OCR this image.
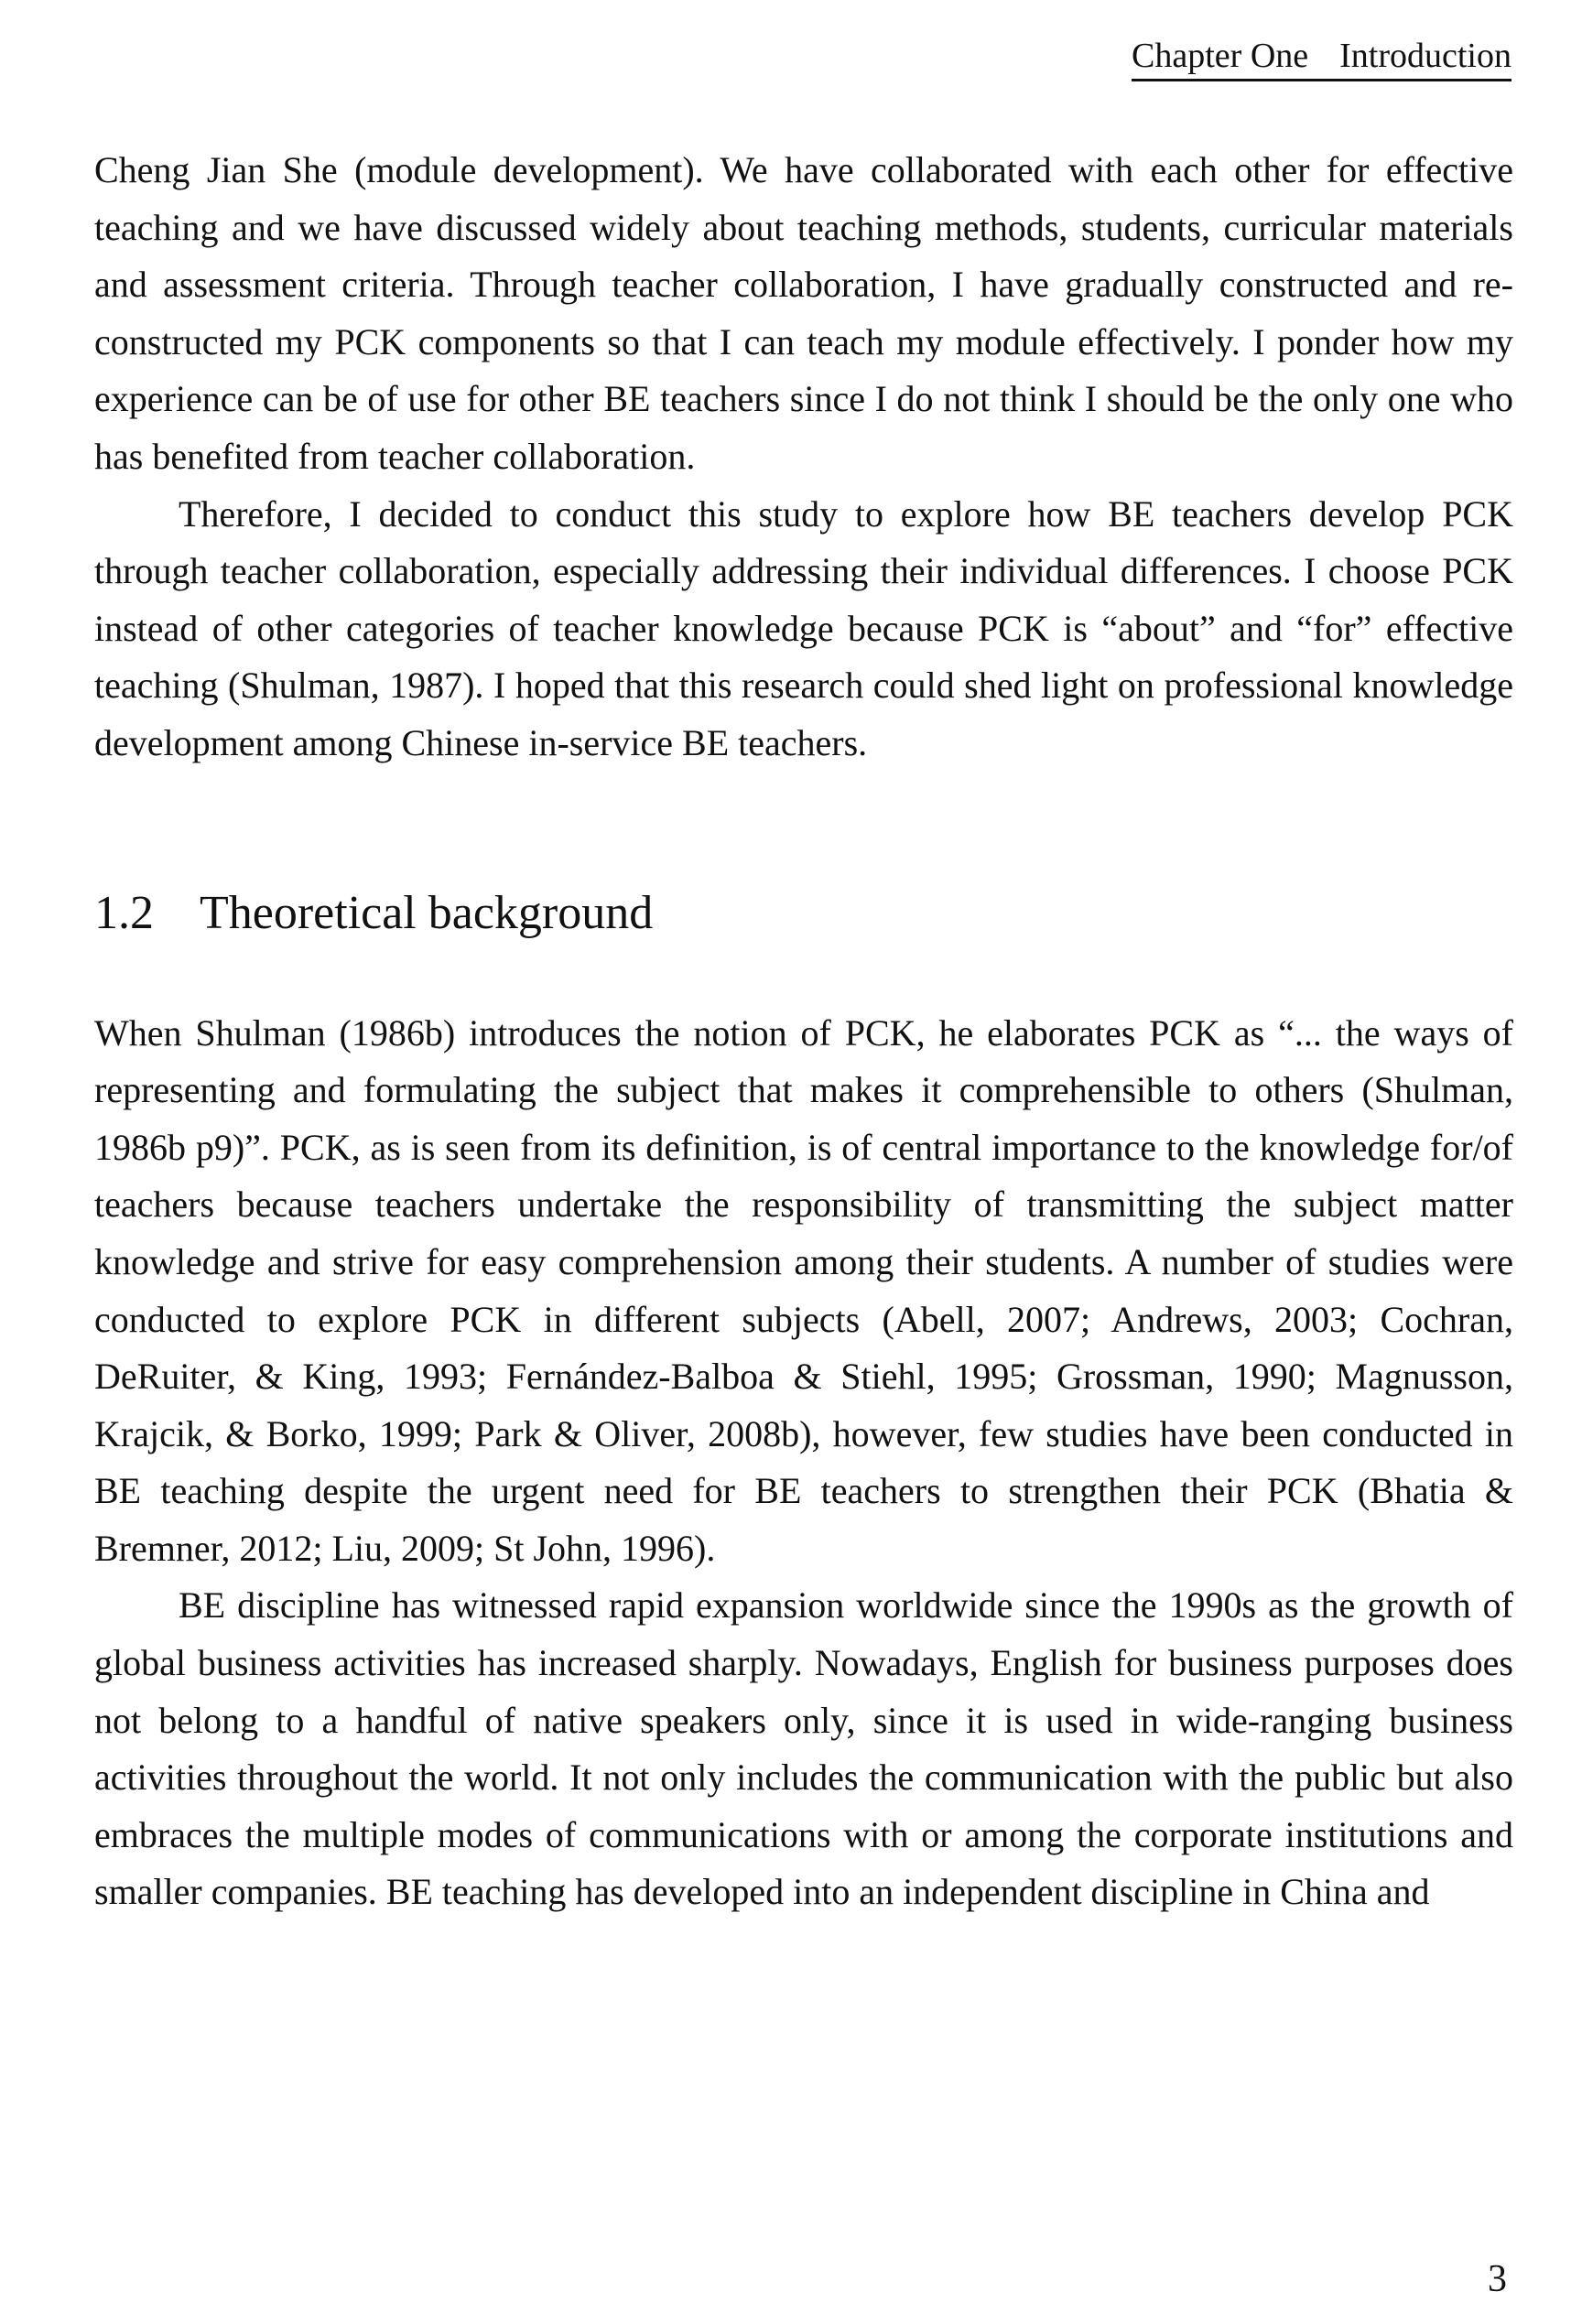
Chapter One Introduction

Cheng Jian She (module development). We have collaborated with each other for effective teaching and we have discussed widely about teaching methods, students, curricular materials and assessment criteria. Through teacher collaboration, I have gradually constructed and re-constructed my PCK components so that I can teach my module effectively. I ponder how my experience can be of use for other BE teachers since I do not think I should be the only one who has benefited from teacher collaboration.

Therefore, I decided to conduct this study to explore how BE teachers develop PCK through teacher collaboration, especially addressing their individual differences. I choose PCK instead of other categories of teacher knowledge because PCK is “about” and “for” effective teaching (Shulman, 1987). I hoped that this research could shed light on professional knowledge development among Chinese in-service BE teachers.

1.2 Theoretical background

When Shulman (1986b) introduces the notion of PCK, he elaborates PCK as “... the ways of representing and formulating the subject that makes it comprehensible to others (Shulman, 1986b p9)”. PCK, as is seen from its definition, is of central importance to the knowledge for/of teachers because teachers undertake the responsibility of transmitting the subject matter knowledge and strive for easy comprehension among their students. A number of studies were conducted to explore PCK in different subjects (Abell, 2007; Andrews, 2003; Cochran, DeRuiter, & King, 1993; Fernández-Balboa & Stiehl, 1995; Grossman, 1990; Magnusson, Krajcik, & Borko, 1999; Park & Oliver, 2008b), however, few studies have been conducted in BE teaching despite the urgent need for BE teachers to strengthen their PCK (Bhatia & Bremner, 2012; Liu, 2009; St John, 1996).

BE discipline has witnessed rapid expansion worldwide since the 1990s as the growth of global business activities has increased sharply. Nowadays, English for business purposes does not belong to a handful of native speakers only, since it is used in wide-ranging business activities throughout the world. It not only includes the communication with the public but also embraces the multiple modes of communications with or among the corporate institutions and smaller companies. BE teaching has developed into an independent discipline in China and

3
